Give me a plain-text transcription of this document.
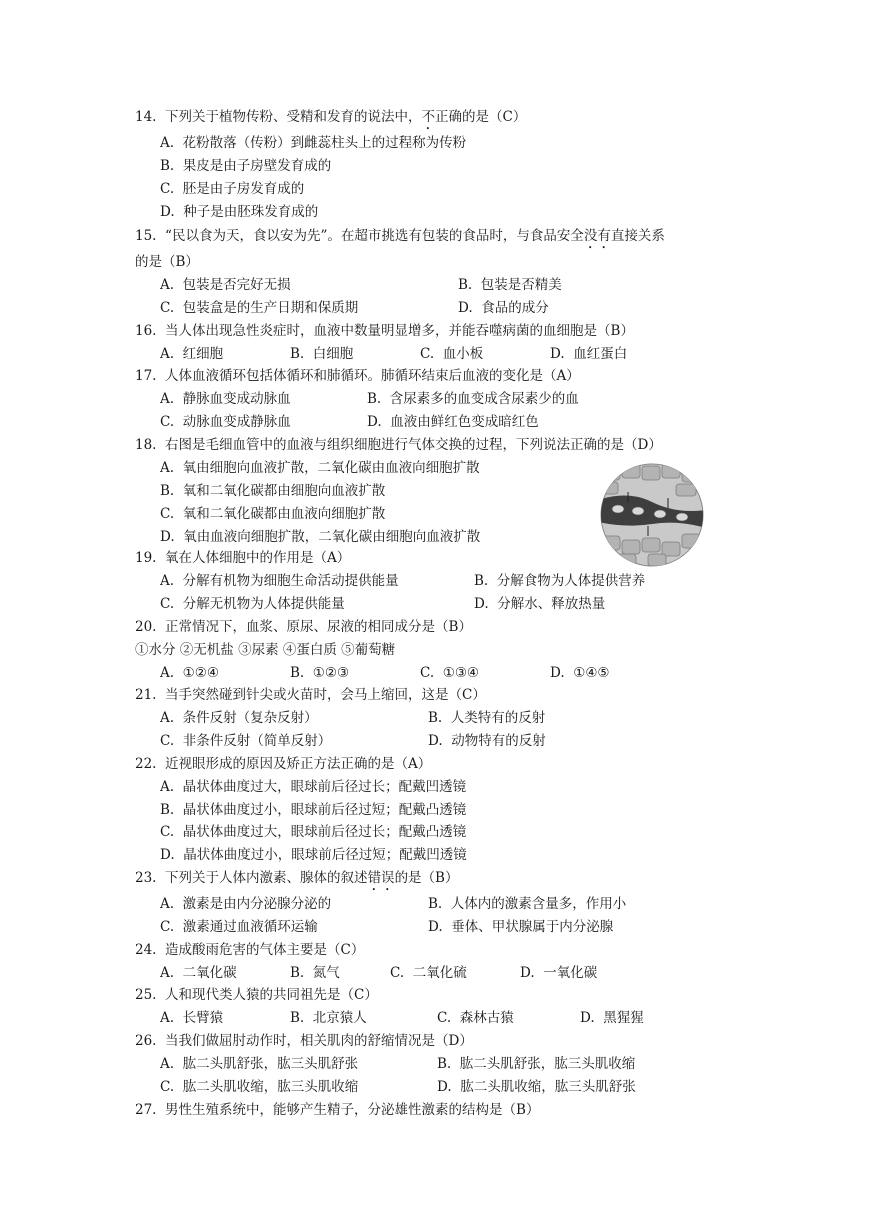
14.  下列关于植物传粉、受精和发育的说法中，不正确的是（C）
A.  花粉散落（传粉）到雌蕊柱头上的过程称为传粉
B.  果皮是由子房壁发育成的
C.  胚是由子房发育成的
D.  种子是由胚珠发育成的
15.  “民以食为天，食以安为先”。在超市挑选有包装的食品时，与食品安全没有直接关系
的是（B）
A.  包装是否完好无损	B.  包装是否精美
C.  包装盒是的生产日期和保质期	D.  食品的成分
16.  当人体出现急性炎症时，血液中数量明显增多，并能吞噬病菌的血细胞是（B）
A.  红细胞	B.  白细胞	C.  血小板	D.  血红蛋白
17.  人体血液循环包括体循环和肺循环。肺循环结束后血液的变化是（A）
A.  静脉血变成动脉血	B.  含尿素多的血变成含尿素少的血
C.  动脉血变成静脉血	D.  血液由鲜红色变成暗红色
18.  右图是毛细血管中的血液与组织细胞进行气体交换的过程，下列说法正确的是（D）
A.  氧由细胞向血液扩散，二氧化碳由血液向细胞扩散
B.  氧和二氧化碳都由细胞向血液扩散
C.  氧和二氧化碳都由血液向细胞扩散
D.  氧由血液向细胞扩散，二氧化碳由细胞向血液扩散
19.  氧在人体细胞中的作用是（A）
A.  分解有机物为细胞生命活动提供能量	B.  分解食物为人体提供营养
C.  分解无机物为人体提供能量	D.  分解水、释放热量
20.  正常情况下，血浆、原尿、尿液的相同成分是（B）
①水分 ②无机盐 ③尿素 ④蛋白质 ⑤葡萄糖
A.  ①②④	B.  ①②③	C.  ①③④	D.  ①④⑤
21.  当手突然碰到针尖或火苗时，会马上缩回，这是（C）
A.  条件反射（复杂反射）	B.  人类特有的反射
C.  非条件反射（简单反射）	D.  动物特有的反射
22.  近视眼形成的原因及矫正方法正确的是（A）
A.  晶状体曲度过大，眼球前后径过长；配戴凹透镜
B.  晶状体曲度过小，眼球前后径过短；配戴凸透镜
C.  晶状体曲度过大，眼球前后径过长；配戴凸透镜
D.  晶状体曲度过小，眼球前后径过短；配戴凹透镜
23.  下列关于人体内激素、腺体的叙述错误的是（B）
A.  激素是由内分泌腺分泌的	B.  人体内的激素含量多，作用小
C.  激素通过血液循环运输	D.  垂体、甲状腺属于内分泌腺
24.  造成酸雨危害的气体主要是（C）
A.  二氧化碳	B.  氮气	C.  二氧化硫	D.  一氧化碳
25.  人和现代类人猿的共同祖先是（C）
A.  长臂猿	B.  北京猿人	C.  森林古猿	D.  黑猩猩
26.  当我们做屈肘动作时，相关肌肉的舒缩情况是（D）
A.  肱二头肌舒张，肱三头肌舒张	B.  肱二头肌舒张，肱三头肌收缩
C.  肱二头肌收缩，肱三头肌收缩	D.  肱二头肌收缩，肱三头肌舒张
27.  男性生殖系统中，能够产生精子，分泌雄性激素的结构是（B）
